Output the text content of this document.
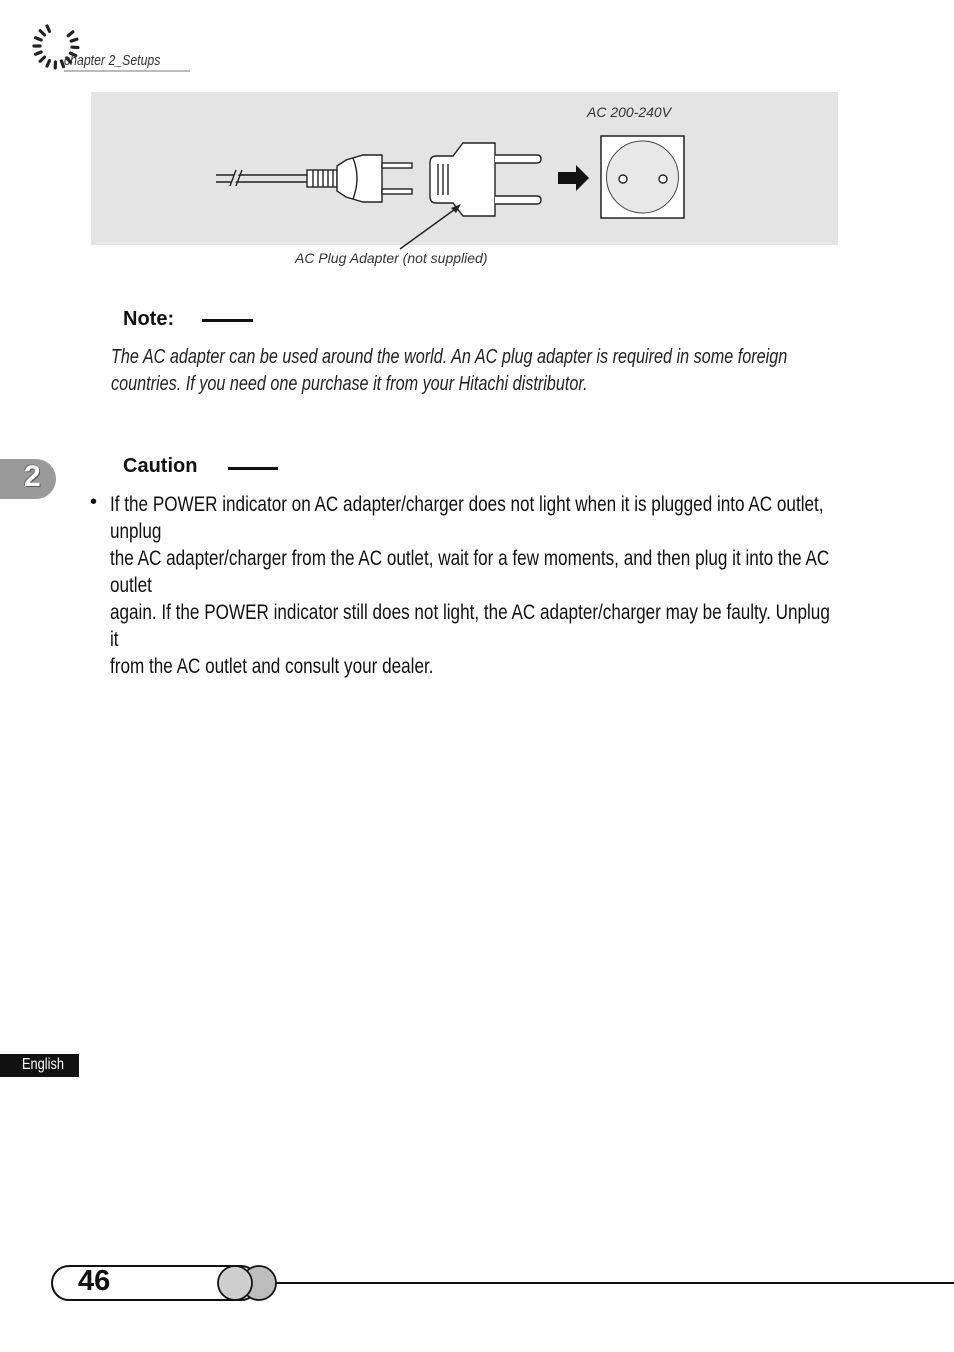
chapter 2_Setups
AC 200-240V
AC Plug Adapter (not supplied)
Note:
The AC adapter can be used around the world. An AC plug adapter is required in some foreign
countries. If you need one purchase it from your Hitachi distributor.
2	Caution
• If the POWER indicator on AC adapter/charger does not light when it is plugged into AC outlet, unplug
the AC adapter/charger from the AC outlet, wait for a few moments, and then plug it into the AC outlet
again. If the POWER indicator still does not light, the AC adapter/charger may be faulty. Unplug it
from the AC outlet and consult your dealer.
English
46
